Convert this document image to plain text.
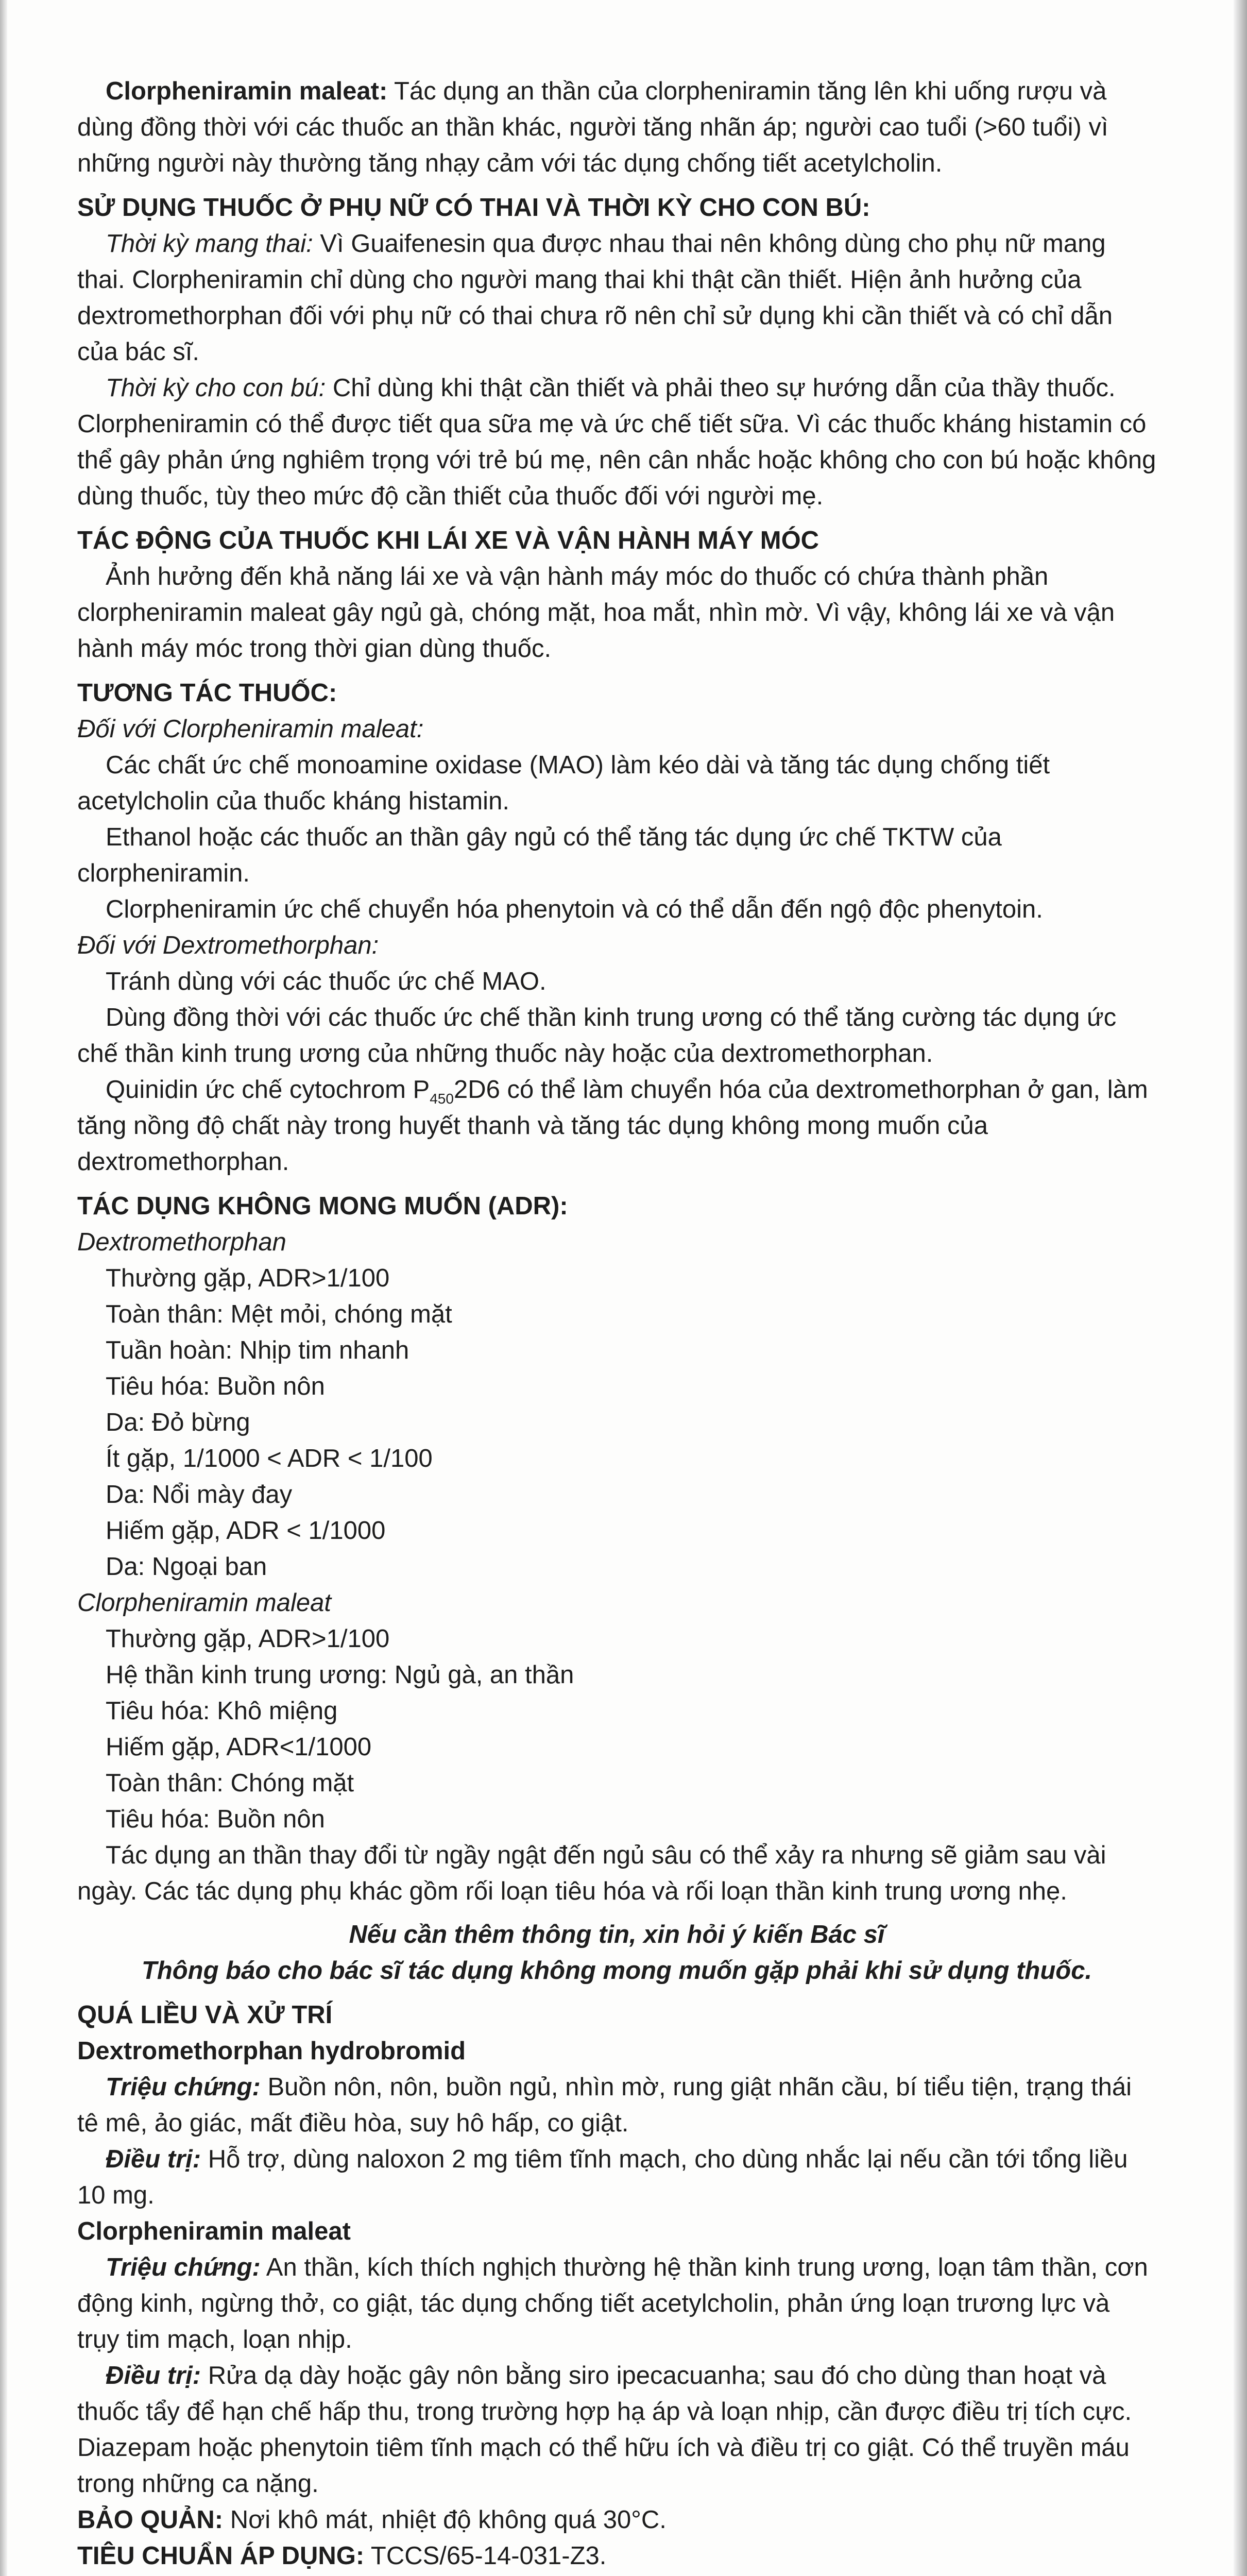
Clorpheniramin maleat: Tác dụng an thần của clorpheniramin tăng lên khi uống rượu và dùng đồng thời với các thuốc an thần khác, người tăng nhãn áp; người cao tuổi (>60 tuổi) vì những người này thường tăng nhạy cảm với tác dụng chống tiết acetylcholin.

SỬ DỤNG THUỐC Ở PHỤ NỮ CÓ THAI VÀ THỜI KỲ CHO CON BÚ:

Thời kỳ mang thai: Vì Guaifenesin qua được nhau thai nên không dùng cho phụ nữ mang thai. Clorpheniramin chỉ dùng cho người mang thai khi thật cần thiết. Hiện ảnh hưởng của dextromethorphan đối với phụ nữ có thai chưa rõ nên chỉ sử dụng khi cần thiết và có chỉ dẫn của bác sĩ.

Thời kỳ cho con bú: Chỉ dùng khi thật cần thiết và phải theo sự hướng dẫn của thầy thuốc. Clorpheniramin có thể được tiết qua sữa mẹ và ức chế tiết sữa. Vì các thuốc kháng histamin có thể gây phản ứng nghiêm trọng với trẻ bú mẹ, nên cân nhắc hoặc không cho con bú hoặc không dùng thuốc, tùy theo mức độ cần thiết của thuốc đối với người mẹ.

TÁC ĐỘNG CỦA THUỐC KHI LÁI XE VÀ VẬN HÀNH MÁY MÓC

Ảnh hưởng đến khả năng lái xe và vận hành máy móc do thuốc có chứa thành phần clorpheniramin maleat gây ngủ gà, chóng mặt, hoa mắt, nhìn mờ. Vì vậy, không lái xe và vận hành máy móc trong thời gian dùng thuốc.

TƯƠNG TÁC THUỐC:

Đối với Clorpheniramin maleat:

Các chất ức chế monoamine oxidase (MAO) làm kéo dài và tăng tác dụng chống tiết acetylcholin của thuốc kháng histamin.

Ethanol hoặc các thuốc an thần gây ngủ có thể tăng tác dụng ức chế TKTW của clorpheniramin.

Clorpheniramin ức chế chuyển hóa phenytoin và có thể dẫn đến ngộ độc phenytoin.

Đối với Dextromethorphan:

Tránh dùng với các thuốc ức chế MAO.

Dùng đồng thời với các thuốc ức chế thần kinh trung ương có thể tăng cường tác dụng ức chế thần kinh trung ương của những thuốc này hoặc của dextromethorphan.

Quinidin ức chế cytochrom $P_{450}2D6$ có thể làm chuyển hóa của dextromethorphan ở gan, làm tăng nồng độ chất này trong huyết thanh và tăng tác dụng không mong muốn của dextromethorphan.

TÁC DỤNG KHÔNG MONG MUỐN (ADR):

Dextromethorphan

Thường gặp, ADR>1/100

Toàn thân: Mệt mỏi, chóng mặt

Tuần hoàn: Nhịp tim nhanh

Tiêu hóa: Buồn nôn

Da: Đỏ bừng

Ít gặp, 1/1000 < ADR < 1/100

Da: Nổi mày đay

Hiếm gặp, ADR < 1/1000

Da: Ngoại ban

Clorpheniramin maleat

Thường gặp, ADR>1/100

Hệ thần kinh trung ương: Ngủ gà, an thần

Tiêu hóa: Khô miệng

Hiếm gặp, ADR<1/1000

Toàn thân: Chóng mặt

Tiêu hóa: Buồn nôn

Tác dụng an thần thay đổi từ ngầy ngật đến ngủ sâu có thể xảy ra nhưng sẽ giảm sau vài ngày. Các tác dụng phụ khác gồm rối loạn tiêu hóa và rối loạn thần kinh trung ương nhẹ.

Nếu cần thêm thông tin, xin hỏi ý kiến Bác sĩ

Thông báo cho bác sĩ tác dụng không mong muốn gặp phải khi sử dụng thuốc.

QUÁ LIỀU VÀ XỬ TRÍ

Dextromethorphan hydrobromid

Triệu chứng: Buồn nôn, nôn, buồn ngủ, nhìn mờ, rung giật nhãn cầu, bí tiểu tiện, trạng thái tê mê, ảo giác, mất điều hòa, suy hô hấp, co giật.

Điều trị: Hỗ trợ, dùng naloxon 2 mg tiêm tĩnh mạch, cho dùng nhắc lại nếu cần tới tổng liều 10 mg.

Clorpheniramin maleat

Triệu chứng: An thần, kích thích nghịch thường hệ thần kinh trung ương, loạn tâm thần, cơn động kinh, ngừng thở, co giật, tác dụng chống tiết acetylcholin, phản ứng loạn trương lực và trụy tim mạch, loạn nhịp.

Điều trị: Rửa dạ dày hoặc gây nôn bằng siro ipecacuanha; sau đó cho dùng than hoạt và thuốc tẩy để hạn chế hấp thu, trong trường hợp hạ áp và loạn nhịp, cần được điều trị tích cực. Diazepam hoặc phenytoin tiêm tĩnh mạch có thể hữu ích và điều trị co giật. Có thể truyền máu trong những ca nặng.

BẢO QUẢN: Nơi khô mát, nhiệt độ không quá 30°C.

TIÊU CHUẨN ÁP DỤNG: TCCS/65-14-031-Z3.
